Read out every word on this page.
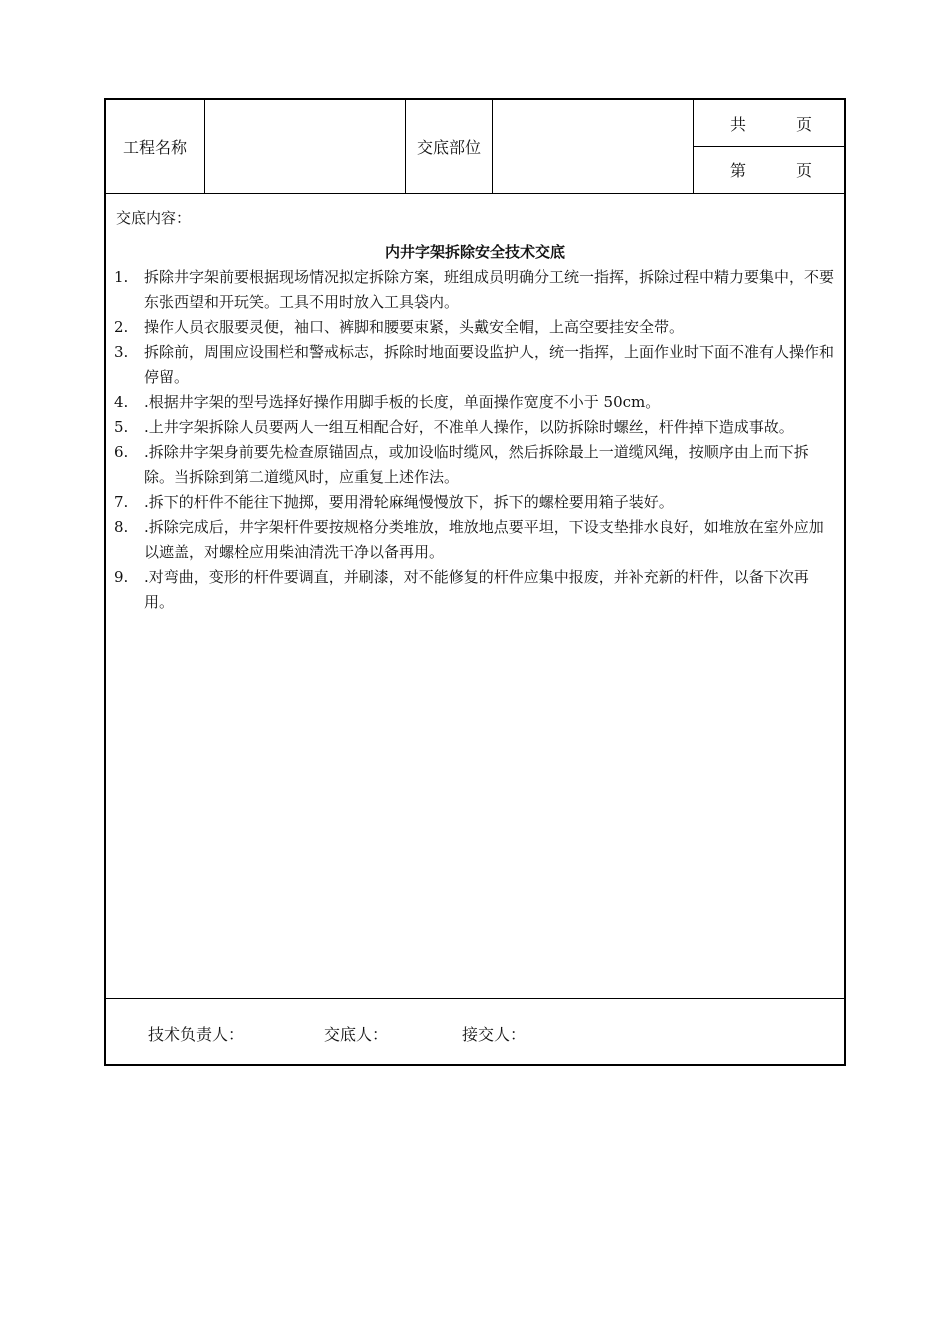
工程名称	交底部位
共	页
第	页
交底内容：
内井字架拆除安全技术交底
1. 拆除井字架前要根据现场情况拟定拆除方案，班组成员明确分工统一指挥，拆除过程中精力要集中，不要东张西望和开玩笑。工具不用时放入工具袋内。
2. 操作人员衣服要灵便，袖口、裤脚和腰要束紧，头戴安全帽，上高空要挂安全带。
3. 拆除前，周围应设围栏和警戒标志，拆除时地面要设监护人，统一指挥，上面作业时下面不准有人操作和停留。
4. .根据井字架的型号选择好操作用脚手板的长度，单面操作宽度不小于 50cm。
5. .上井字架拆除人员要两人一组互相配合好，不准单人操作，以防拆除时螺丝，杆件掉下造成事故。
6. .拆除井字架身前要先检查原锚固点，或加设临时缆风，然后拆除最上一道缆风绳，按顺序由上而下拆除。当拆除到第二道缆风时，应重复上述作法。
7. .拆下的杆件不能往下抛掷，要用滑轮麻绳慢慢放下，拆下的螺栓要用箱子装好。
8. .拆除完成后，井字架杆件要按规格分类堆放，堆放地点要平坦，下设支垫排水良好，如堆放在室外应加以遮盖，对螺栓应用柴油清洗干净以备再用。
9. .对弯曲，变形的杆件要调直，并刷漆，对不能修复的杆件应集中报废，并补充新的杆件，以备下次再用。
技术负责人：	交底人：	接交人：
